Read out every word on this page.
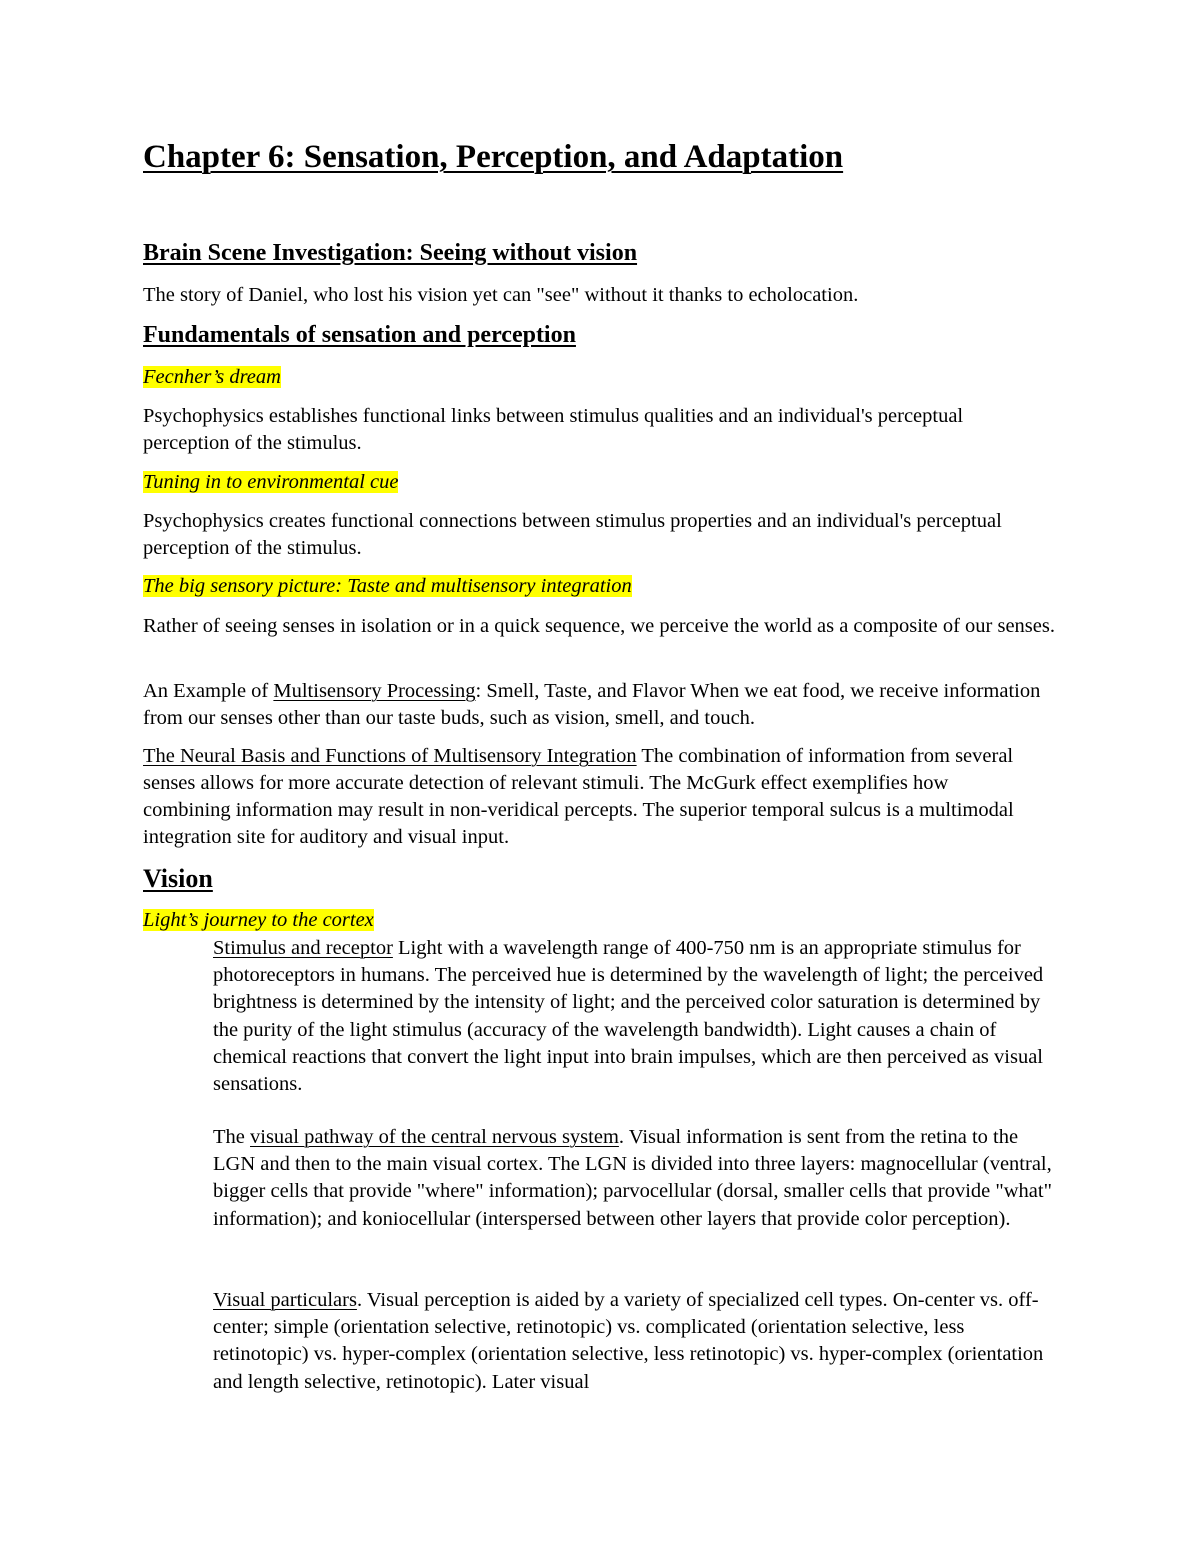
Chapter 6: Sensation, Perception, and Adaptation
Brain Scene Investigation: Seeing without vision

The story of Daniel, who lost his vision yet can "see" without it thanks to echolocation.

Fundamentals of sensation and perception

Fecnher’s dream

Psychophysics establishes functional links between stimulus qualities and an individual's perceptual perception of the stimulus.

Tuning in to environmental cue

Psychophysics creates functional connections between stimulus properties and an individual's perceptual perception of the stimulus.

The big sensory picture: Taste and multisensory integration

Rather of seeing senses in isolation or in a quick sequence, we perceive the world as a composite of our senses.

An Example of Multisensory Processing: Smell, Taste, and Flavor When we eat food, we receive information from our senses other than our taste buds, such as vision, smell, and touch.

The Neural Basis and Functions of Multisensory Integration The combination of information from several senses allows for more accurate detection of relevant stimuli. The McGurk effect exemplifies how combining information may result in non-veridical percepts. The superior temporal sulcus is a multimodal integration site for auditory and visual input.

Vision

Light’s journey to the cortex

Stimulus and receptor Light with a wavelength range of 400-750 nm is an appropriate stimulus for photoreceptors in humans. The perceived hue is determined by the wavelength of light; the perceived brightness is determined by the intensity of light; and the perceived color saturation is determined by the purity of the light stimulus (accuracy of the wavelength bandwidth). Light causes a chain of chemical reactions that convert the light input into brain impulses, which are then perceived as visual sensations.

The visual pathway of the central nervous system. Visual information is sent from the retina to the LGN and then to the main visual cortex. The LGN is divided into three layers: magnocellular (ventral, bigger cells that provide "where" information); parvocellular (dorsal, smaller cells that provide "what" information); and koniocellular (interspersed between other layers that provide color perception).

Visual particulars. Visual perception is aided by a variety of specialized cell types. On-center vs. off-center; simple (orientation selective, retinotopic) vs. complicated (orientation selective, less retinotopic) vs. hyper-complex (orientation selective, less retinotopic) vs. hyper-complex (orientation and length selective, retinotopic). Later visual
